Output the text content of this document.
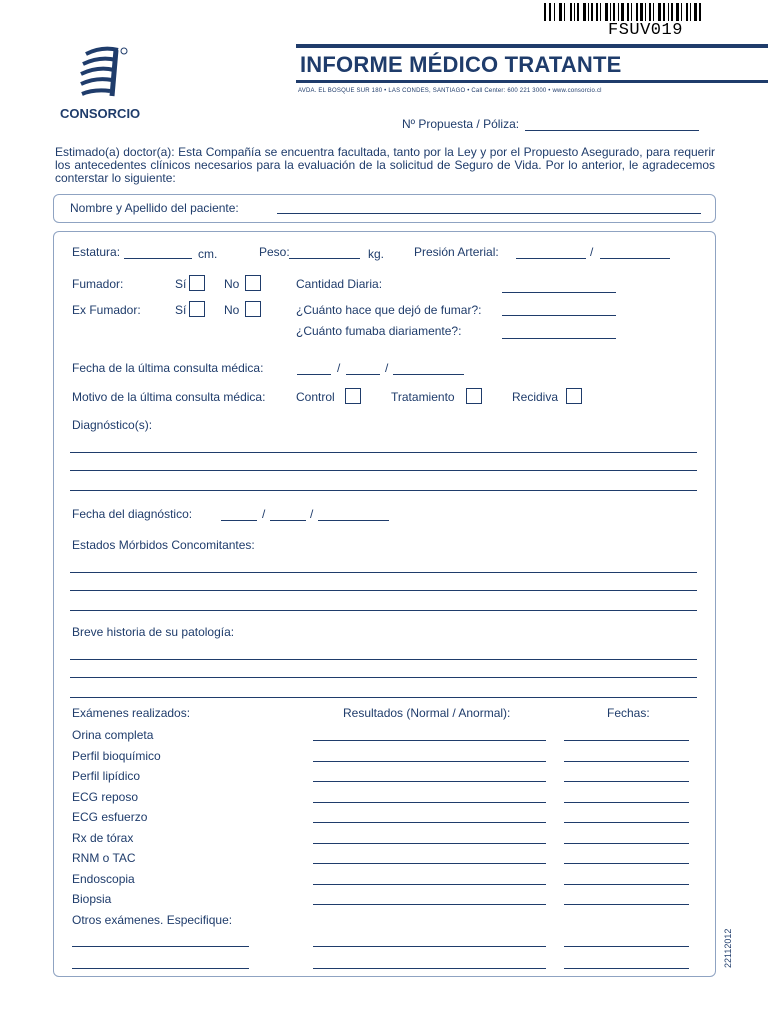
FSUV019
CONSORCIO
INFORME MÉDICO TRATANTE
AVDA. EL BOSQUE SUR 180 • LAS CONDES, SANTIAGO • Call Center: 600 221 3000 • www.consorcio.cl
Nº Propuesta / Póliza:
Estimado(a) doctor(a): Esta Compañía se encuentra facultada, tanto por la Ley y por el Propuesto Asegurado, para requerir los antecedentes clínicos necesarios para la evaluación de la solicitud de Seguro de Vida. Por lo anterior, le agradecemos conterstar lo siguiente:
Nombre y Apellido del paciente:
Estatura:	cm.	Peso:	kg. Presión Arterial:	/
Fumador:	Sí	No	Cantidad Diaria:
Ex Fumador:	Sí	No	¿Cuánto hace que dejó de fumar?:
¿Cuánto fumaba diariamente?:
Fecha de la última consulta médica:	/	/
Motivo de la última consulta médica:	Control	Tratamiento	Recidiva
Diagnóstico(s):
Fecha del diagnóstico:	/	/
Estados Mórbidos Concomitantes:
Breve historia de su patología:
Exámenes realizados:	Resultados (Normal / Anormal):	Fechas:
Orina completa
Perfil bioquímico
Perfil lipídico
ECG reposo
ECG esfuerzo
Rx de tórax
RNM o TAC
Endoscopia
Biopsia
Otros exámenes. Especifique:
22112012
